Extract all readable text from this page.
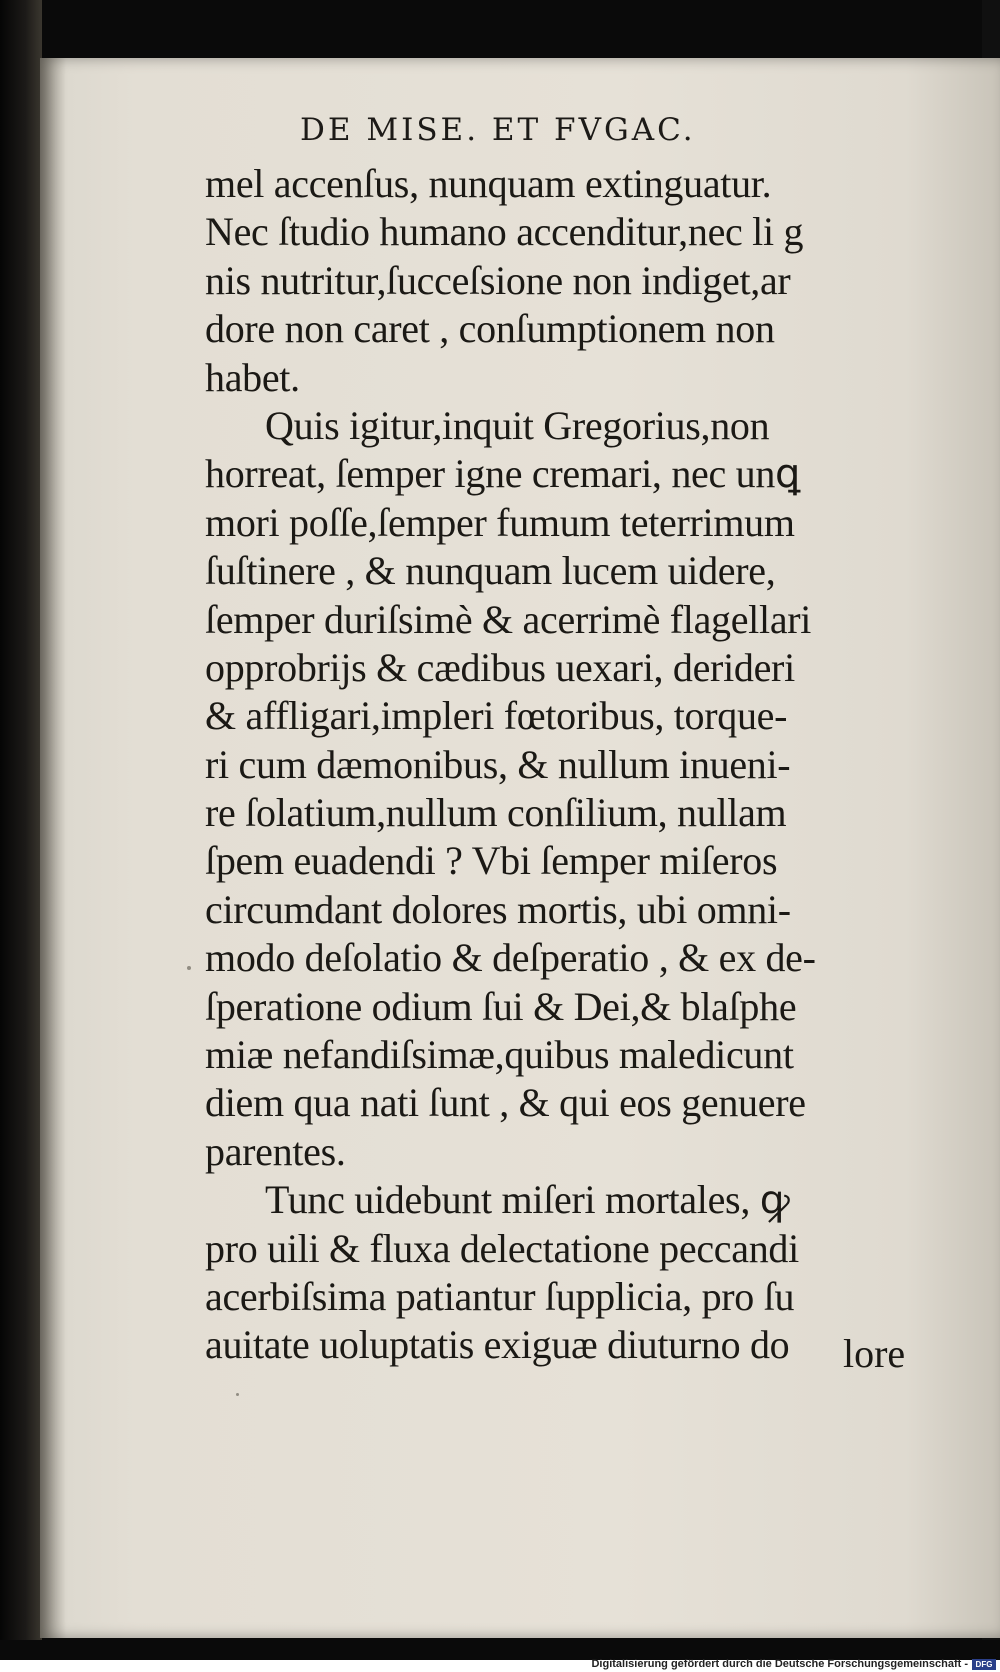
DE MISE. ET FVGAC.
mel accenſus, nunquam extinguatur.
Nec ſtudio humano accenditur,nec li g
nis nutritur,ſucceſsione non indiget,ar
dore non caret , conſumptionem non
habet.
Quis igitur,inquit Gregorius,non
horreat, ſemper igne cremari, nec unꝗ
mori poſſe,ſemper fumum teterrimum
ſuſtinere , & nunquam lucem uidere,
ſemper duriſsimè & acerrimè flagellari
opprobrijs & cædibus uexari, derideri
& affligari,impleri fœtoribus, torque-
ri cum dæmonibus, & nullum inueni-
re ſolatium,nullum conſilium, nullam
ſpem euadendi ? Vbi ſemper miſeros
circumdant dolores mortis, ubi omni-
modo deſolatio & deſperatio , & ex de-
ſperatione odium ſui & Dei,& blaſphe
miæ nefandiſsimæ,quibus maledicunt
diem qua nati ſunt , & qui eos genuere
parentes.
Tunc uidebunt miſeri mortales, ꝙ
pro uili & fluxa delectatione peccandi
acerbiſsima patiantur ſupplicia, pro ſu
auitate uoluptatis exiguæ diuturno do	lore
Digitalisierung gefördert durch die Deutsche Forschungsgemeinschaft - DFG
